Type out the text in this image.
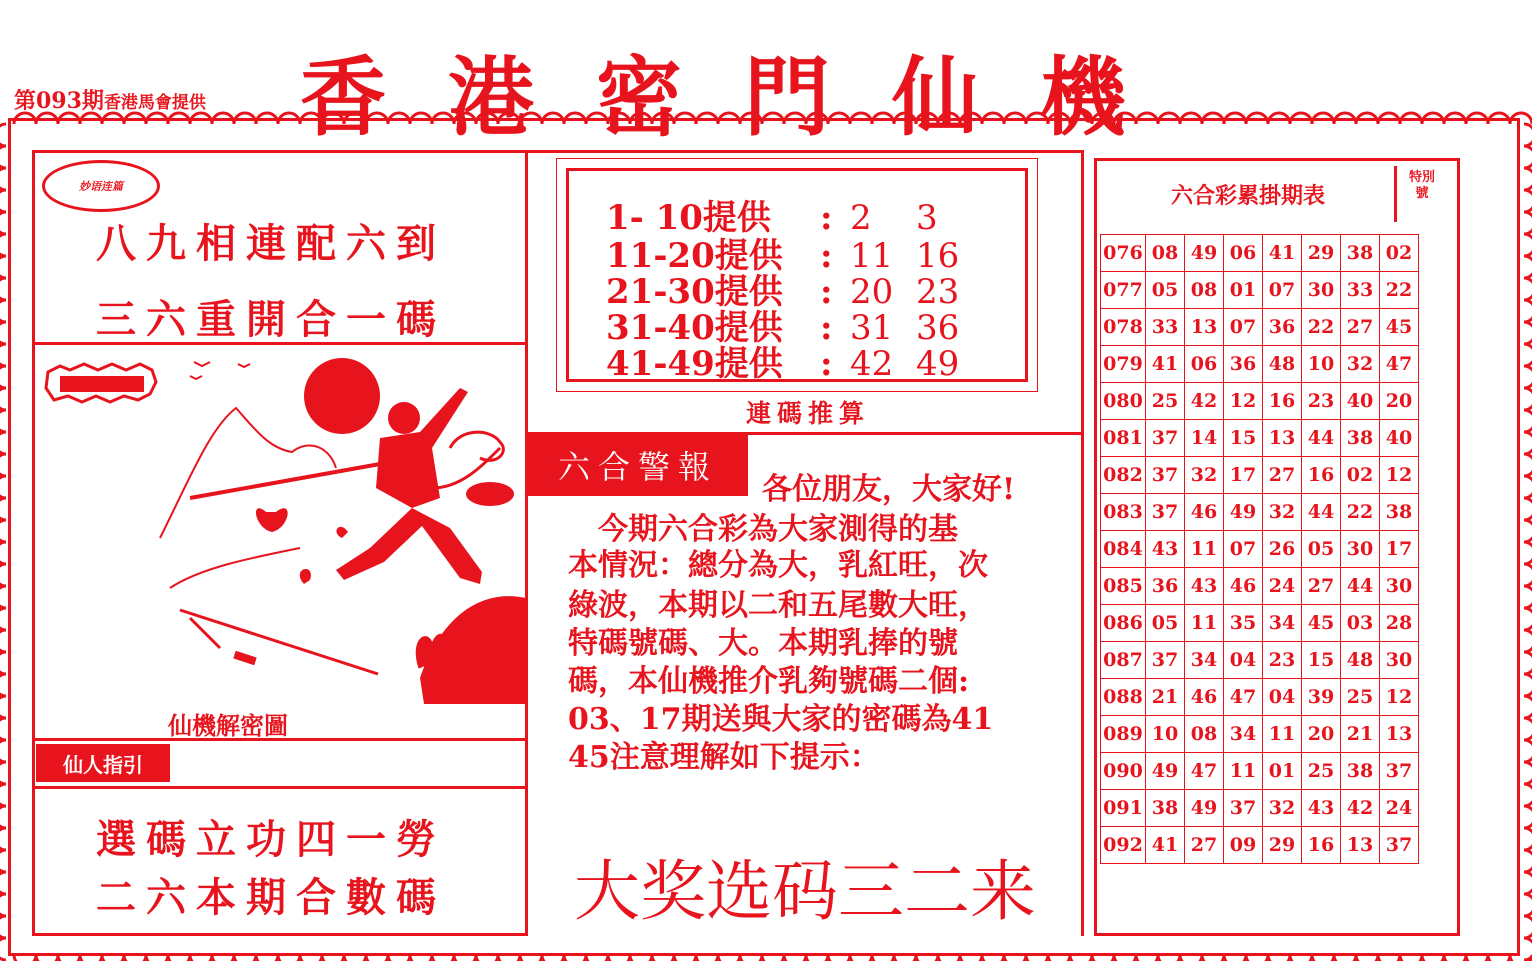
第093期香港馬會提供 香港密門仙機
妙语连篇
八九相連配六到
三六重開合一碼
仙機解密圖
仙人指引
選碼立功四一勞
二六本期合數碼
1- 10提供 : 2 3
11-20提供 : 11 16
21-30提供 : 20 23
31-40提供 : 31 36
41-49提供 : 42 49
連碼推算
六合警報
各位朋友，大家好!
　今期六合彩為大家測得的基
本情況：總分為大，乳紅旺，次
綠波，本期以二和五尾數大旺，
特碼號碼、大。本期乳捧的號
碼，本仙機推介乳夠號碼二個:
03、17期送與大家的密碼為41
45注意理解如下提示：
大奖选码三二来
六合彩累掛期表
特別號
076	08	49	06	41	29	38	02
077	05	08	01	07	30	33	22
078	33	13	07	36	22	27	45
079	41	06	36	48	10	32	47
080	25	42	12	16	23	40	20
081	37	14	15	13	44	38	40
082	37	32	17	27	16	02	12
083	37	46	49	32	44	22	38
084	43	11	07	26	05	30	17
085	36	43	46	24	27	44	30
086	05	11	35	34	45	03	28
087	37	34	04	23	15	48	30
088	21	46	47	04	39	25	12
089	10	08	34	11	20	21	13
090	49	47	11	01	25	38	37
091	38	49	37	32	43	42	24
092	41	27	09	29	16	13	37
